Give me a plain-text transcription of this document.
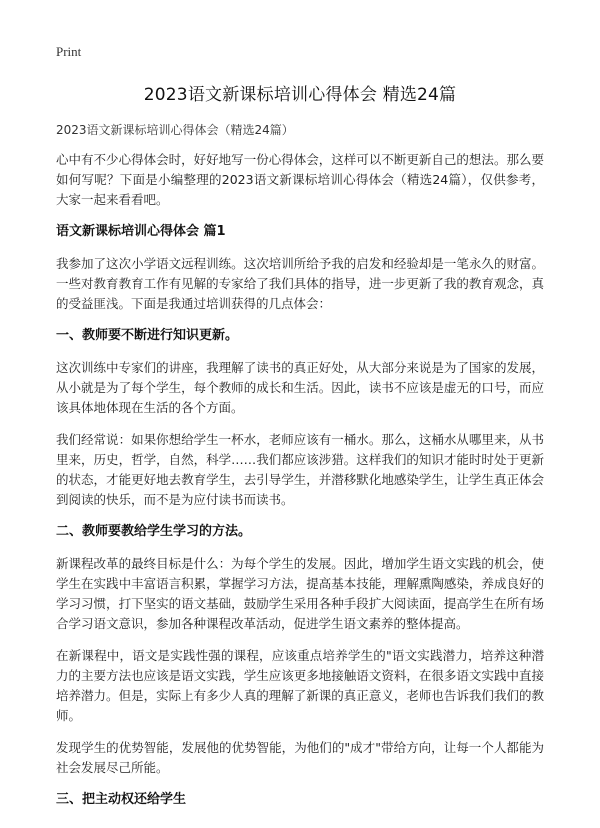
Print
2023语文新课标培训心得体会 精选24篇
2023语文新课标培训心得体会（精选24篇）

心中有不少心得体会时，好好地写一份心得体会，这样可以不断更新自己的想法。那么要如何写呢？下面是小编整理的2023语文新课标培训心得体会（精选24篇），仅供参考，大家一起来看看吧。

语文新课标培训心得体会 篇1

我参加了这次小学语文远程训练。这次培训所给予我的启发和经验却是一笔永久的财富。一些对教育教育工作有见解的专家给了我们具体的指导，进一步更新了我的教育观念，真的受益匪浅。下面是我通过培训获得的几点体会：

一、教师要不断进行知识更新。

这次训练中专家们的讲座，我理解了读书的真正好处，从大部分来说是为了国家的发展，从小就是为了每个学生，每个教师的成长和生活。因此，读书不应该是虚无的口号，而应该具体地体现在生活的各个方面。

我们经常说：如果你想给学生一杯水，老师应该有一桶水。那么，这桶水从哪里来，从书里来，历史，哲学，自然，科学……我们都应该涉猎。这样我们的知识才能时时处于更新的状态，才能更好地去教育学生，去引导学生，并潜移默化地感染学生，让学生真正体会到阅读的快乐，而不是为应付读书而读书。

二、教师要教给学生学习的方法。

新课程改革的最终目标是什么：为每个学生的发展。因此，增加学生语文实践的机会，使学生在实践中丰富语言积累，掌握学习方法，提高基本技能，理解熏陶感染，养成良好的学习习惯，打下坚实的语文基础，鼓励学生采用各种手段扩大阅读面，提高学生在所有场合学习语文意识，参加各种课程改革活动，促进学生语文素养的整体提高。

在新课程中，语文是实践性强的课程，应该重点培养学生的"语文实践潜力，培养这种潜力的主要方法也应该是语文实践，学生应该更多地接触语文资料，在很多语文实践中直接培养潜力。但是，实际上有多少人真的理解了新课的真正意义，老师也告诉我们我们的教师。

发现学生的优势智能，发展他的优势智能，为他们的"成才"带给方向，让每一个人都能为社会发展尽己所能。

三、把主动权还给学生
